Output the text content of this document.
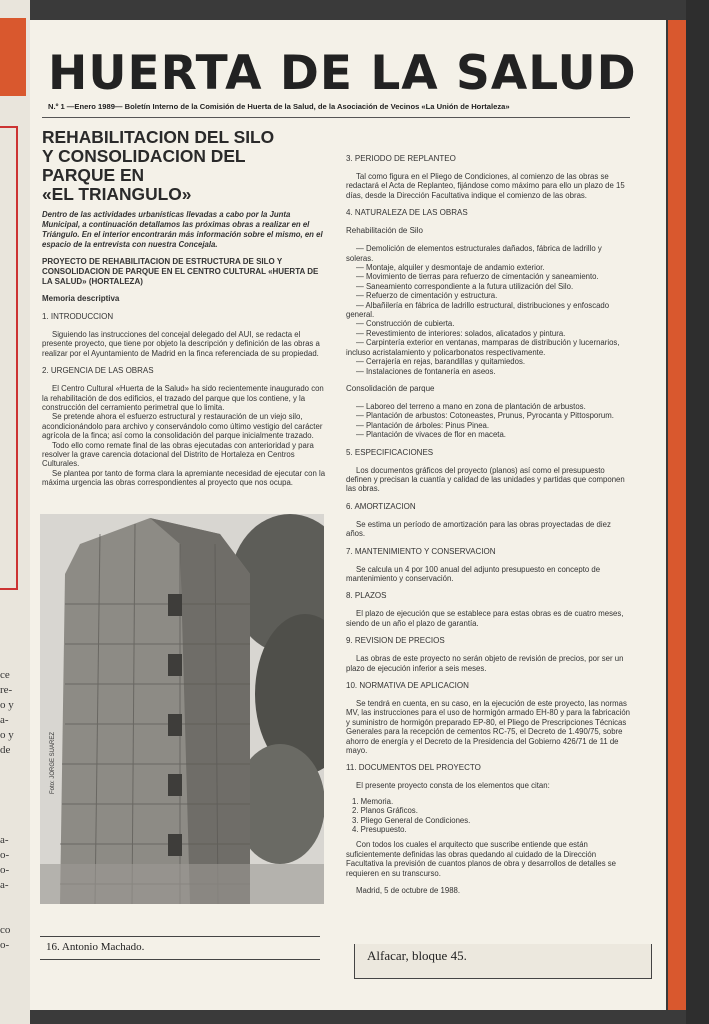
ce
re-
o y
a-
o y
de
a-
o-
o-
a-
co
o-
HUERTA DE LA SALUD
N.º 1 —Enero 1989— Boletín Interno de la Comisión de Huerta de la Salud, de la Asociación de Vecinos «La Unión de Hortaleza»
REHABILITACION DEL SILO
Y CONSOLIDACION DEL
PARQUE EN
«EL TRIANGULO»

Dentro de las actividades urbanísticas llevadas a cabo por la Junta Municipal, a continuación detallamos las próximas obras a realizar en el Triángulo. En el interior encontrarán más información sobre el mismo, en el espacio de la entrevista con nuestra Concejala.

PROYECTO DE REHABILITACION DE ESTRUCTURA DE SILO Y CONSOLIDACION DE PARQUE EN EL CENTRO CULTURAL «HUERTA DE LA SALUD» (HORTALEZA)

Memoria descriptiva

1. INTRODUCCION

Siguiendo las instrucciones del concejal delegado del AUI, se redacta el presente proyecto, que tiene por objeto la descripción y definición de las obras a realizar por el Ayuntamiento de Madrid en la finca referenciada de su propiedad.

2. URGENCIA DE LAS OBRAS

El Centro Cultural «Huerta de la Salud» ha sido recientemente inaugurado con la rehabilitación de dos edificios, el trazado del parque que los contiene, y la construcción del cerramiento perimetral que lo limita.

Se pretende ahora el esfuerzo estructural y restauración de un viejo silo, acondicionándolo para archivo y conservándolo como último vestigio del carácter agrícola de la finca; así como la consolidación del parque inicialmente trazado.

Todo ello como remate final de las obras ejecutadas con anterioridad y para resolver la grave carencia dotacional del Distrito de Hortaleza en Centros Culturales.

Se plantea por tanto de forma clara la apremiante necesidad de ejecutar con la máxima urgencia las obras correspondientes al proyecto que nos ocupa.

Foto: JORGE SUAREZ

3. PERIODO DE REPLANTEO

Tal como figura en el Pliego de Condiciones, al comienzo de las obras se redactará el Acta de Replanteo, fijándose como máximo para ello un plazo de 15 días, desde la Dirección Facultativa indique el comienzo de las obras.

4. NATURALEZA DE LAS OBRAS

Rehabilitación de Silo

— Demolición de elementos estructurales dañados, fábrica de ladrillo y soleras.

— Montaje, alquiler y desmontaje de andamio exterior.

— Movimiento de tierras para refuerzo de cimentación y saneamiento.

— Saneamiento correspondiente a la futura utilización del Silo.

— Refuerzo de cimentación y estructura.

— Albañilería en fábrica de ladrillo estructural, distribuciones y enfoscado general.

— Construcción de cubierta.

— Revestimiento de interiores: solados, alicatados y pintura.

— Carpintería exterior en ventanas, mamparas de distribución y lucernarios, incluso acristalamiento y policarbonatos respectivamente.

— Cerrajería en rejas, barandillas y quitamiedos.

— Instalaciones de fontanería en aseos.

Consolidación de parque

— Laboreo del terreno a mano en zona de plantación de arbustos.

— Plantación de arbustos: Cotoneastes, Prunus, Pyrocanta y Pittosporum.

— Plantación de árboles: Pinus Pinea.

— Plantación de vivaces de flor en maceta.

5. ESPECIFICACIONES

Los documentos gráficos del proyecto (planos) así como el presupuesto definen y precisan la cuantía y calidad de las unidades y partidas que componen las obras.

6. AMORTIZACION

Se estima un período de amortización para las obras proyectadas de diez años.

7. MANTENIMIENTO Y CONSERVACION

Se calcula un 4 por 100 anual del adjunto presupuesto en concepto de mantenimiento y conservación.

8. PLAZOS

El plazo de ejecución que se establece para estas obras es de cuatro meses, siendo de un año el plazo de garantía.

9. REVISION DE PRECIOS

Las obras de este proyecto no serán objeto de revisión de precios, por ser un plazo de ejecución inferior a seis meses.

10. NORMATIVA DE APLICACION

Se tendrá en cuenta, en su caso, en la ejecución de este proyecto, las normas MV, las instrucciones para el uso de hormigón armado EH-80 y para la fabricación y suministro de hormigón preparado EP-80, el Pliego de Prescripciones Técnicas Generales para la recepción de cementos RC-75, el Decreto de 1.490/75, sobre ahorro de energía y el Decreto de la Presidencia del Gobierno 426/71 de 11 de mayo.

11. DOCUMENTOS DEL PROYECTO

El presente proyecto consta de los elementos que citan:

1. Memoria.

2. Planos Gráficos.

3. Pliego General de Condiciones.

4. Presupuesto.

Con todos los cuales el arquitecto que suscribe entiende que están suficientemente definidas las obras quedando al cuidado de la Dirección Facultativa la previsión de cuantos planos de obra y desarrollos de detalles se requieren en su transcurso.

Madrid, 5 de octubre de 1988.

16. Antonio Machado.
Alfacar, bloque 45.
